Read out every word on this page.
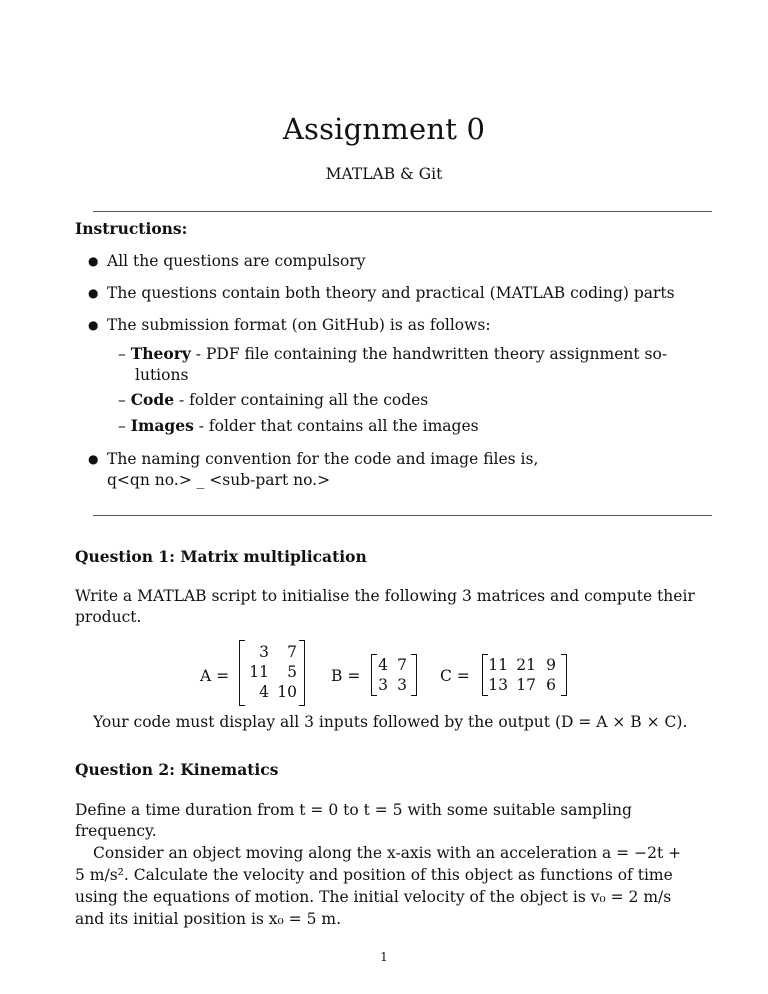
Assignment 0
MATLAB & Git
Instructions:
● All the questions are compulsory
● The questions contain both theory and practical (MATLAB coding) parts
● The submission format (on GitHub) is as follows:
– Theory - PDF file containing the handwritten theory assignment so-
lutions
– Code - folder containing all the codes
– Images - folder that contains all the images
● The naming convention for the code and image files is,
q<qn no.> _ <sub-part no.>
Question 1: Matrix multiplication
Write a MATLAB script to initialise the following 3 matrices and compute their
product.
A =
3	7
11	5
4 10
B =
4 7
3 3 C =
11 21 9
13 17 6
Your code must display all 3 inputs followed by the output (D = A × B × C).
Question 2: Kinematics
Define a time duration from t = 0 to t = 5 with some suitable sampling
frequency.
Consider an object moving along the x-axis with an acceleration a = −2t +
5 m/s². Calculate the velocity and position of this object as functions of time
using the equations of motion. The initial velocity of the object is v₀ = 2 m/s
and its initial position is x₀ = 5 m.
1
